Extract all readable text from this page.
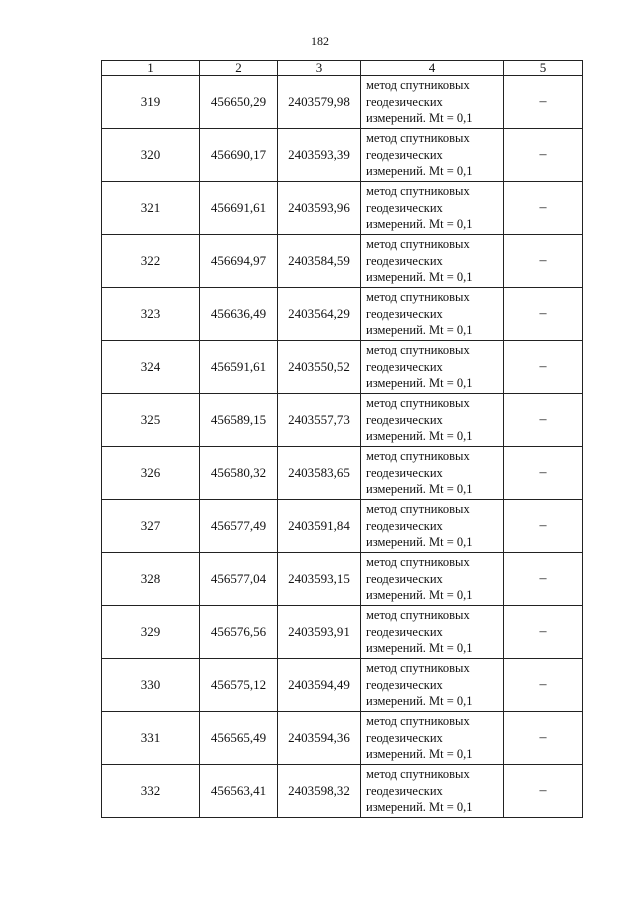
182
1	2	3	4	5
319	456650,29	2403579,98	метод спутниковых
геодезических
измерений. Mt = 0,1	–
320	456690,17	2403593,39	метод спутниковых
геодезических
измерений. Mt = 0,1	–
321	456691,61	2403593,96	метод спутниковых
геодезических
измерений. Mt = 0,1	–
322	456694,97	2403584,59	метод спутниковых
геодезических
измерений. Mt = 0,1	–
323	456636,49	2403564,29	метод спутниковых
геодезических
измерений. Mt = 0,1	–
324	456591,61	2403550,52	метод спутниковых
геодезических
измерений. Mt = 0,1	–
325	456589,15	2403557,73	метод спутниковых
геодезических
измерений. Mt = 0,1	–
326	456580,32	2403583,65	метод спутниковых
геодезических
измерений. Mt = 0,1	–
327	456577,49	2403591,84	метод спутниковых
геодезических
измерений. Mt = 0,1	–
328	456577,04	2403593,15	метод спутниковых
геодезических
измерений. Mt = 0,1	–
329	456576,56	2403593,91	метод спутниковых
геодезических
измерений. Mt = 0,1	–
330	456575,12	2403594,49	метод спутниковых
геодезических
измерений. Mt = 0,1	–
331	456565,49	2403594,36	метод спутниковых
геодезических
измерений. Mt = 0,1	–
332	456563,41	2403598,32	метод спутниковых
геодезических
измерений. Mt = 0,1	–
